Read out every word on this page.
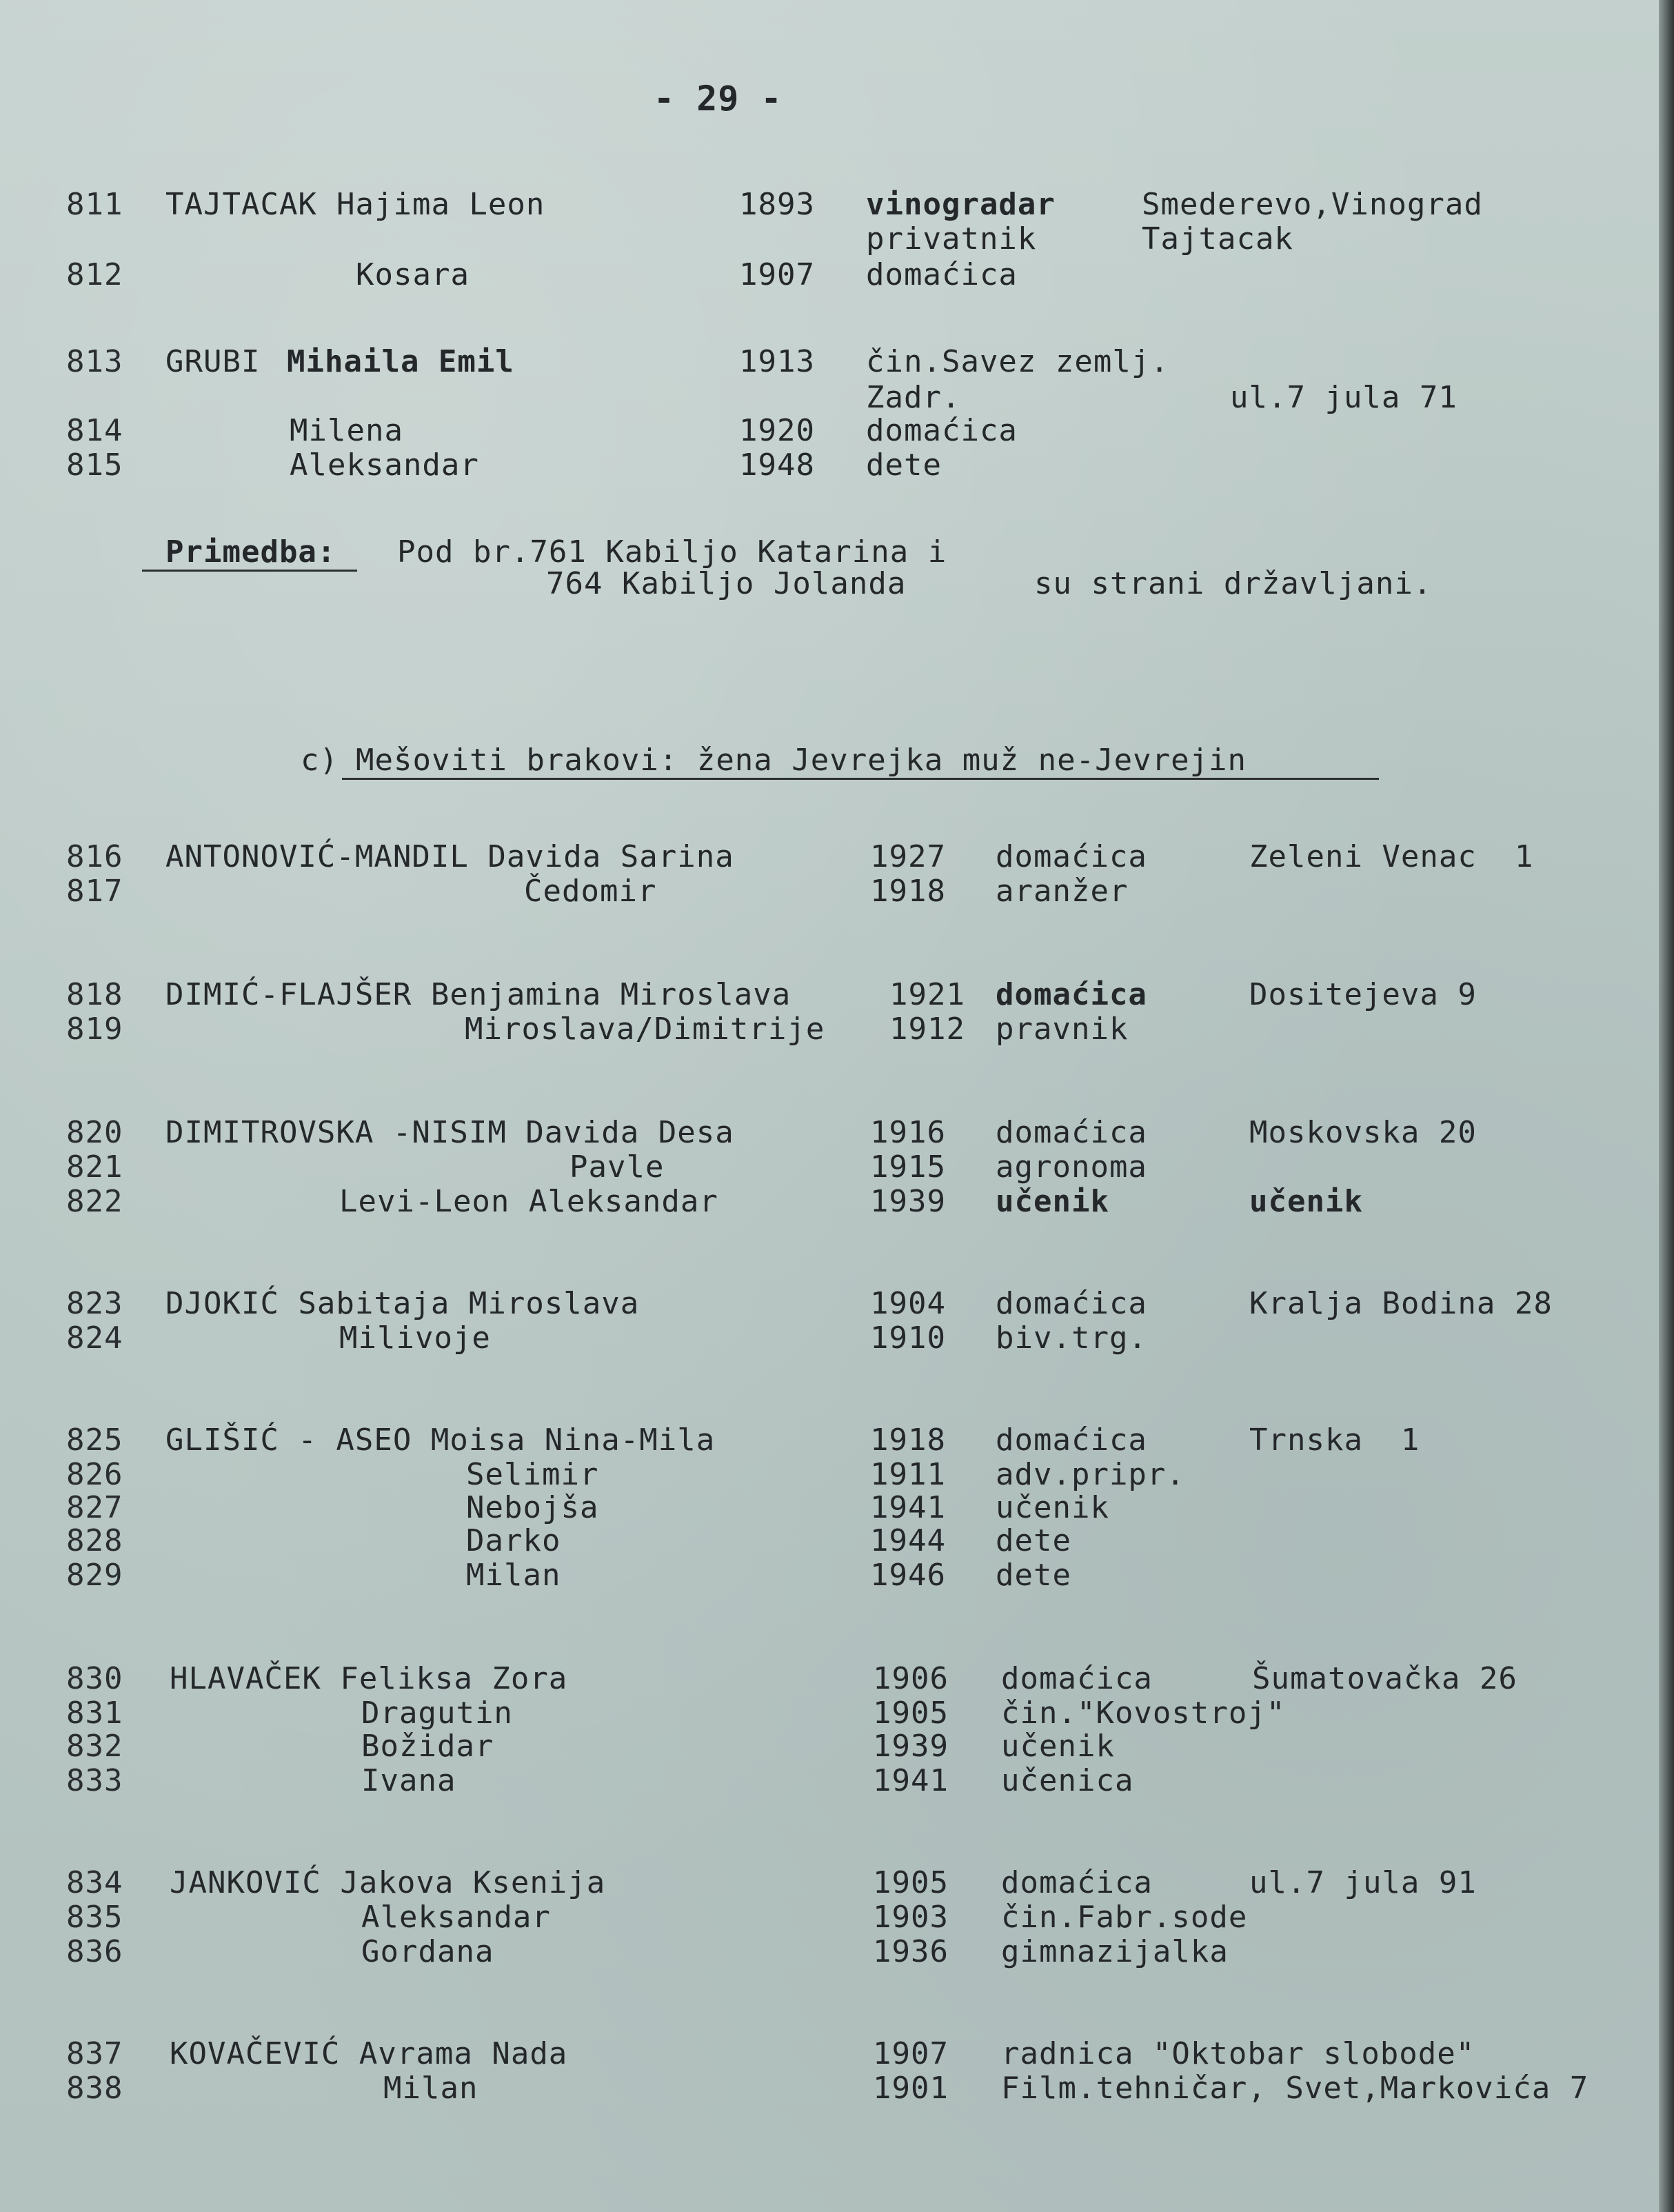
- 29 -
811 TAJTACAK Hajima Leon	1893 vinogradar	Smederevo,Vinograd
privatnik	Tajtacak
812	Kosara	1907 domaćica
813 GRUBI Mihaila Emil	1913 čin.Savez zemlj.
Zadr.	ul.7 jula 71
814	Milena	1920 domaćica
815	Aleksandar	1948 dete
Primedba: Pod br.761 Kabiljo Katarina i
764 Kabiljo Jolanda	su strani državljani.
c) Mešoviti brakovi: žena Jevrejka muž ne-Jevrejin
816 ANTONOVIĆ-MANDIL Davida Sarina	1927 domaćica	Zeleni Venac  1
817	Čedomir	1918 aranžer
818 DIMIĆ-FLAJŠER Benjamina Miroslava	1921 domaćica	Dositejeva 9
819	Miroslava/Dimitrije 1912 pravnik
820 DIMITROVSKA -NISIM Davida Desa	1916 domaćica	Moskovska 20
821	Pavle	1915 agronoma
822	Levi-Leon Aleksandar	1939 učenik	učenik
823 DJOKIĆ Sabitaja Miroslava	1904 domaćica	Kralja Bodina 28
824	Milivoje	1910 biv.trg.
825 GLIŠIĆ - ASEO Moisa Nina-Mila	1918 domaćica	Trnska  1
826	Selimir	1911 adv.pripr.
827	Nebojša	1941 učenik
828	Darko	1944 dete
829	Milan	1946 dete
830 HLAVAČEK Feliksa Zora	1906 domaćica	Šumatovačka 26
831	Dragutin	1905 čin."Kovostroj"
832	Božidar	1939 učenik
833	Ivana	1941 učenica
834 JANKOVIĆ Jakova Ksenija	1905 domaćica	ul.7 jula 91
835	Aleksandar	1903 čin.Fabr.sode
836	Gordana	1936 gimnazijalka
837 KOVAČEVIĆ Avrama Nada	1907 radnica "Oktobar slobode"
838	Milan	1901 Film.tehničar, Svet,Markovića 7
